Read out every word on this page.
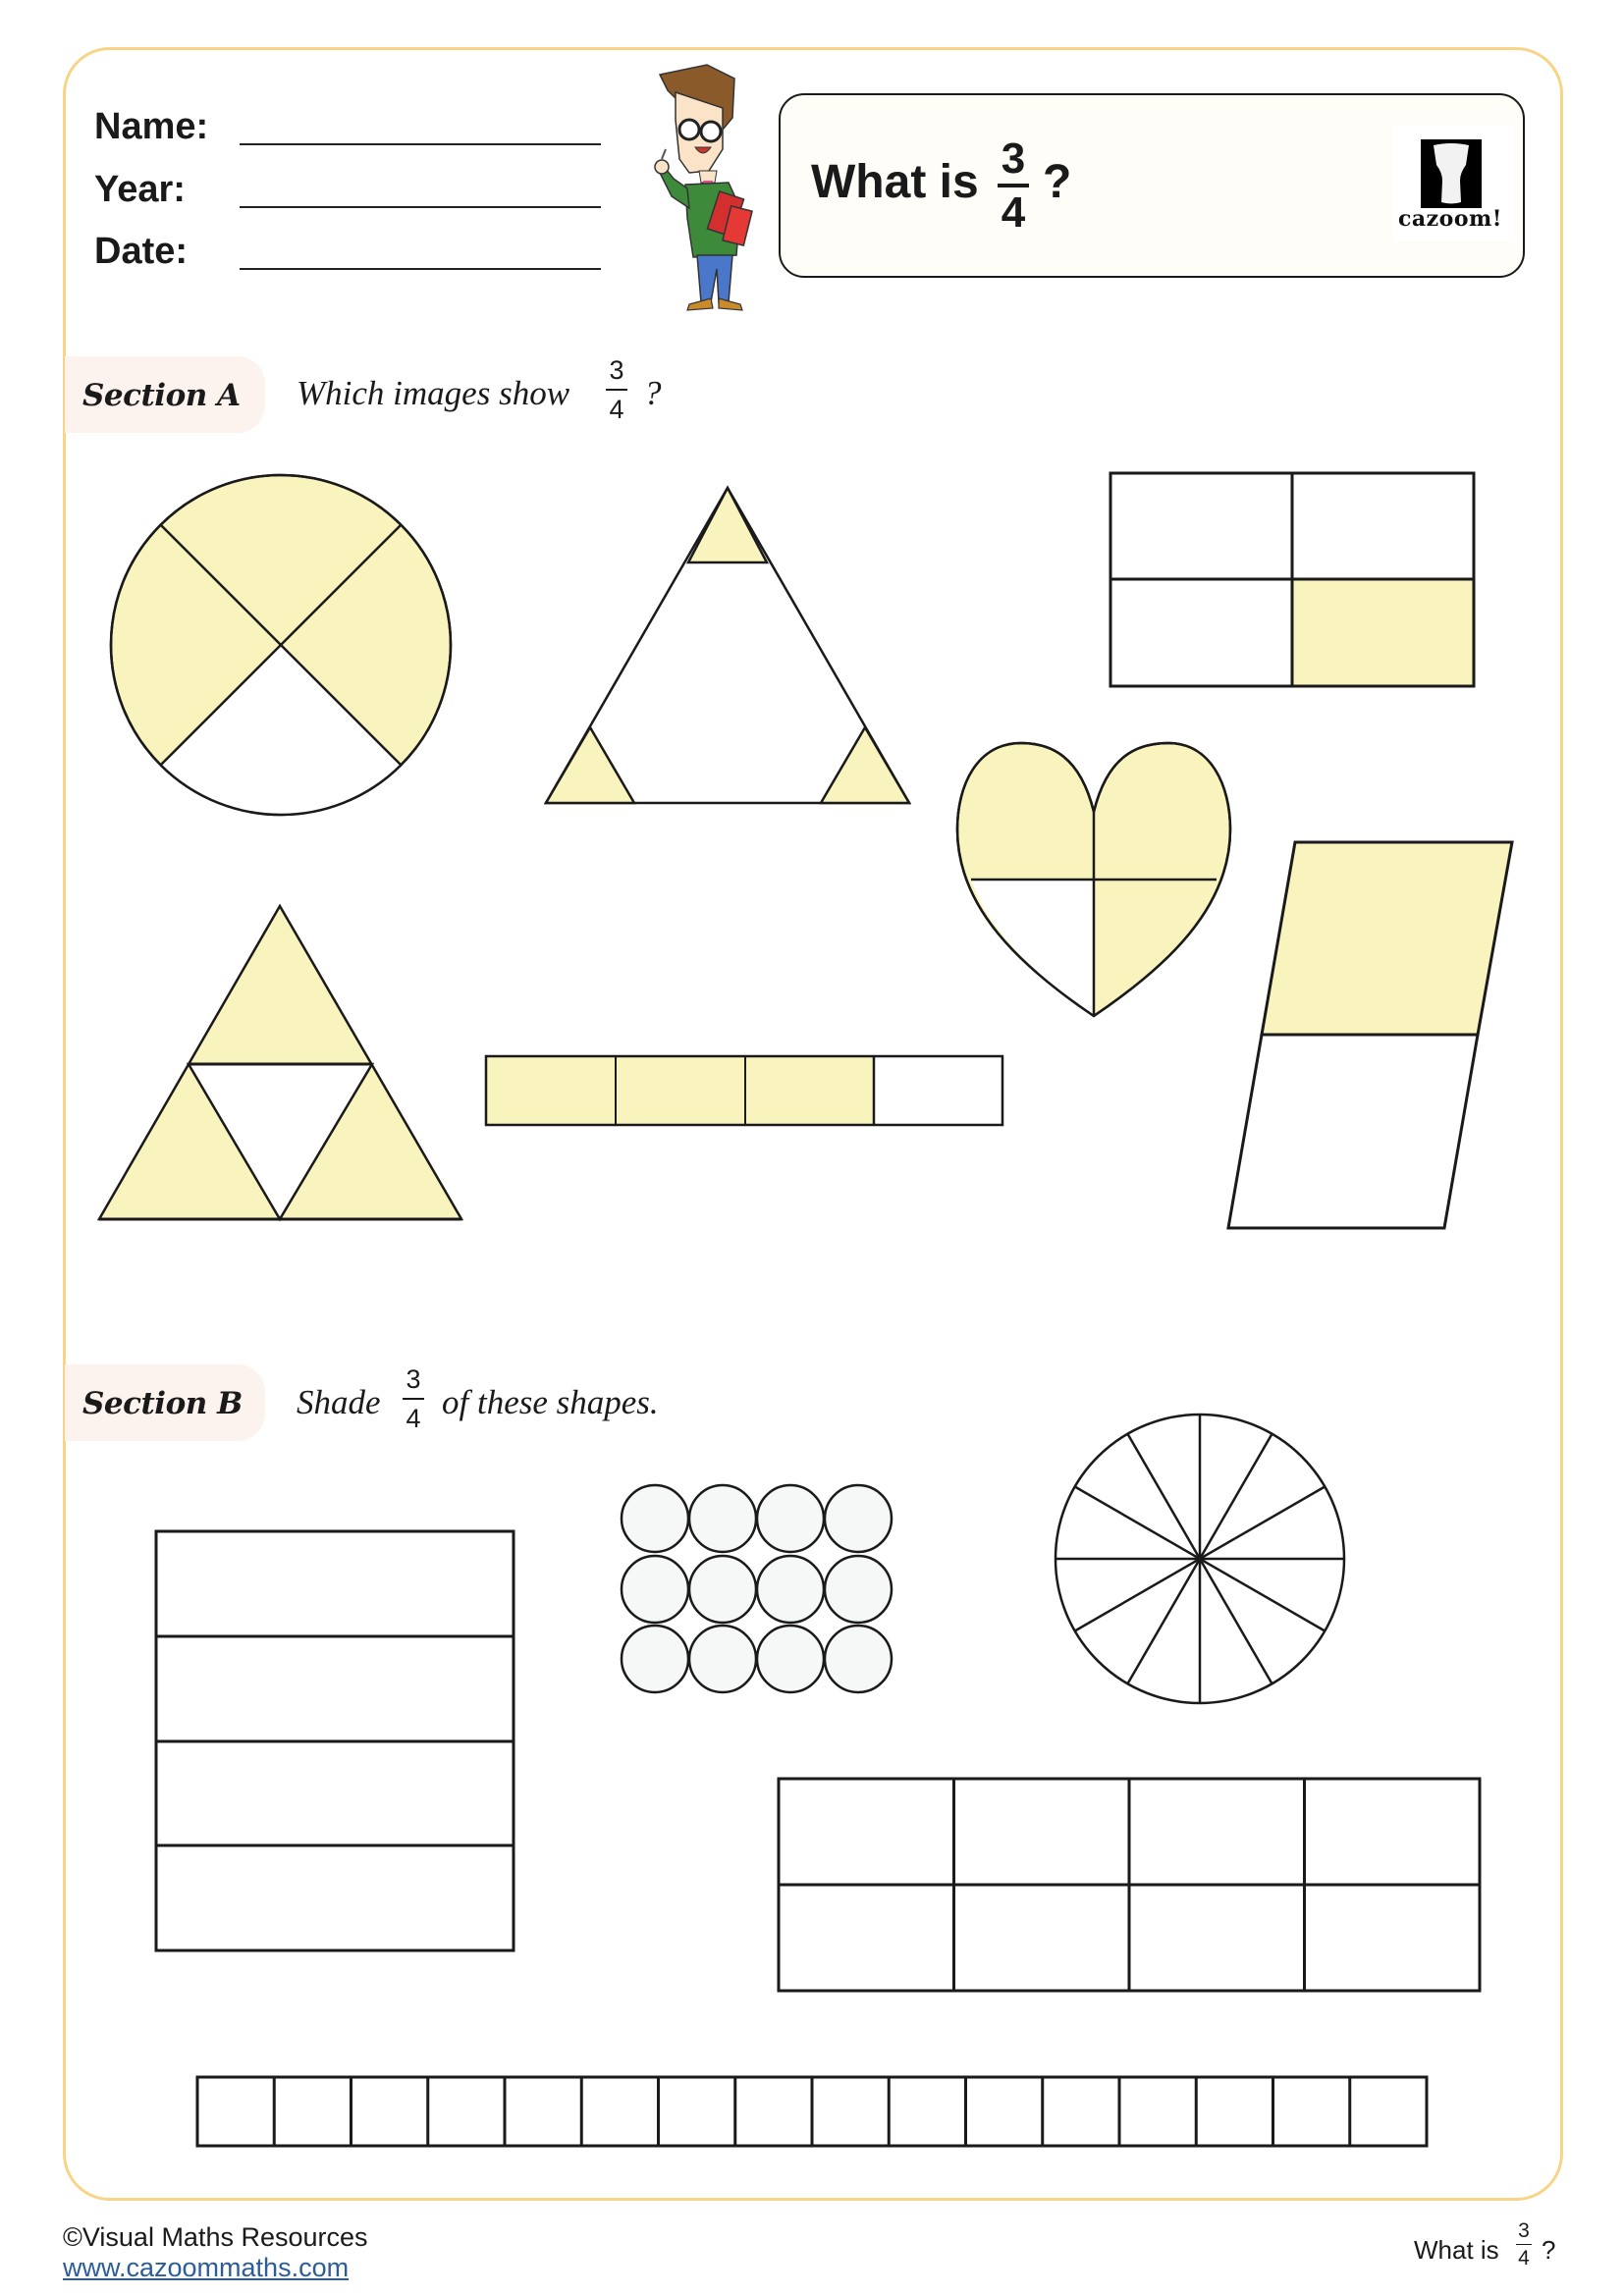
Name:
Year:
Date:
What is 3
4
?
cazoom!
Section A Which images show
3
4 ?
Section B Shade
3
4 of these shapes.
©Visual Maths Resources
www.cazoommaths.com
What is
3
4 ?
